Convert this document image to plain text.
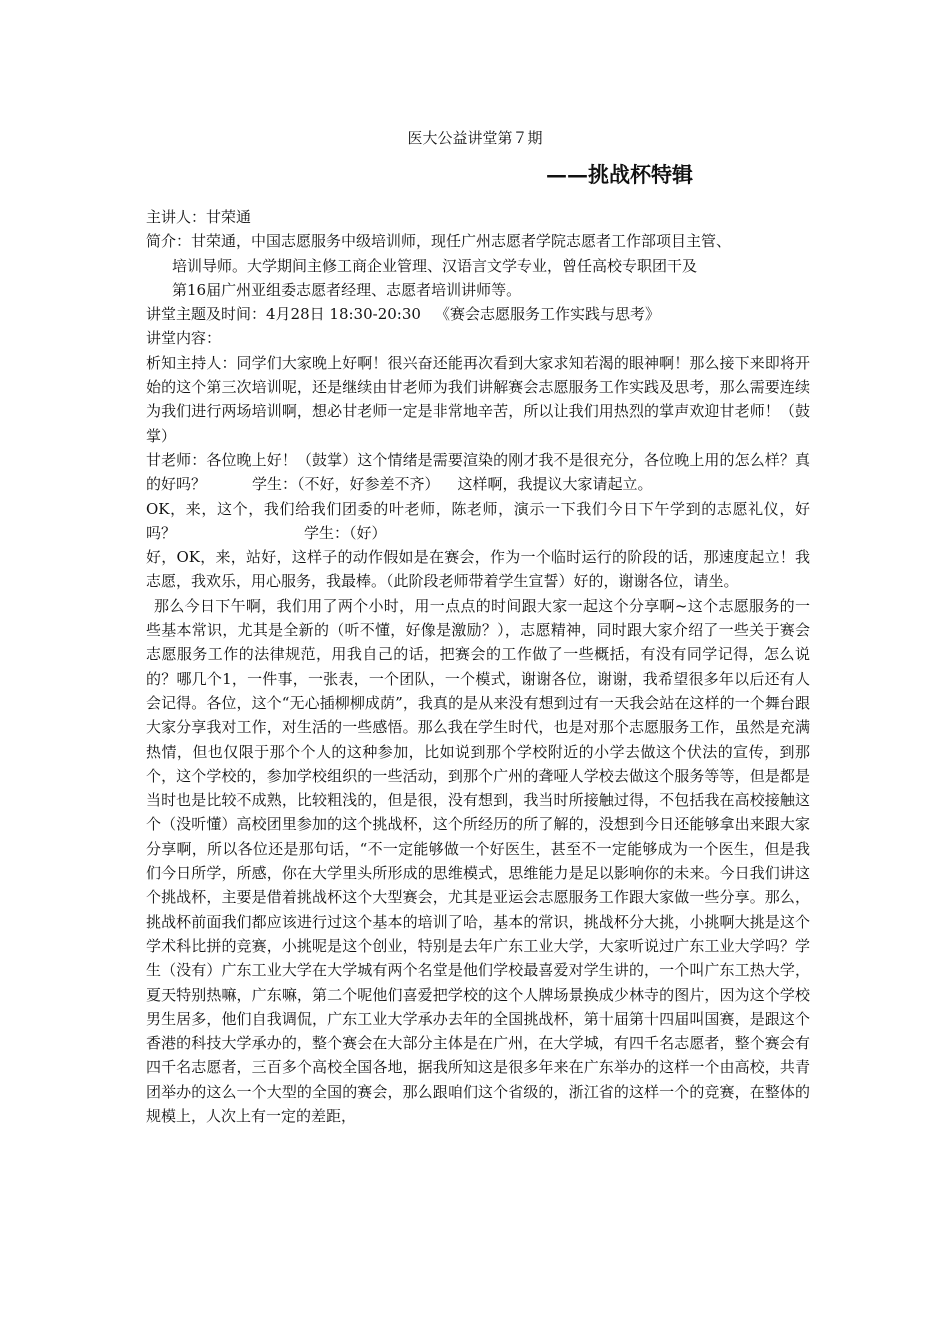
医大公益讲堂第７期
——挑战杯特辑

主讲人：甘荣通

简介：甘荣通，中国志愿服务中级培训师，现任广州志愿者学院志愿者工作部项目主管、

培训导师。大学期间主修工商企业管理、汉语言文学专业，曾任高校专职团干及

第16届广州亚组委志愿者经理、志愿者培训讲师等。

讲堂主题及时间：4月28日 18:30-20:30 《赛会志愿服务工作实践与思考》

讲堂内容：

析知主持人：同学们大家晚上好啊！很兴奋还能再次看到大家求知若渴的眼神啊！那么接下来即将开始的这个第三次培训呢，还是继续由甘老师为我们讲解赛会志愿服务工作实践及思考，那么需要连续为我们进行两场培训啊，想必甘老师一定是非常地辛苦，所以让我们用热烈的掌声欢迎甘老师！（鼓掌）

甘老师：各位晚上好！（鼓掌）这个情绪是需要渲染的刚才我不是很充分，各位晚上用的怎么样？真的好吗？	学生：（不好，好参差不齐） 这样啊，我提议大家请起立。

OK，来，这个，我们给我们团委的叶老师，陈老师，演示一下我们今日下午学到的志愿礼仪，好吗？	学生：（好）

好，OK，来，站好，这样子的动作假如是在赛会，作为一个临时运行的阶段的话，那速度起立！我志愿，我欢乐，用心服务，我最棒。（此阶段老师带着学生宣誓）好的，谢谢各位，请坐。

那么今日下午啊，我们用了两个小时，用一点点的时间跟大家一起这个分享啊~这个志愿服务的一些基本常识，尤其是全新的（听不懂，好像是激励？），志愿精神，同时跟大家介绍了一些关于赛会志愿服务工作的法律规范，用我自己的话，把赛会的工作做了一些概括，有没有同学记得，怎么说的？哪几个1，一件事，一张表，一个团队，一个模式，谢谢各位，谢谢，我希望很多年以后还有人会记得。各位，这个“无心插柳柳成荫”，我真的是从来没有想到过有一天我会站在这样的一个舞台跟大家分享我对工作，对生活的一些感悟。那么我在学生时代，也是对那个志愿服务工作，虽然是充满热情，但也仅限于那个个人的这种参加，比如说到那个学校附近的小学去做这个伏法的宣传，到那个，这个学校的，参加学校组织的一些活动，到那个广州的聋哑人学校去做这个服务等等，但是都是当时也是比较不成熟，比较粗浅的，但是很，没有想到，我当时所接触过得，不包括我在高校接触这个（没听懂）高校团里参加的这个挑战杯，这个所经历的所了解的，没想到今日还能够拿出来跟大家分享啊，所以各位还是那句话，“不一定能够做一个好医生，甚至不一定能够成为一个医生，但是我们今日所学，所感，你在大学里头所形成的思维模式，思维能力是足以影响你的未来。今日我们讲这个挑战杯，主要是借着挑战杯这个大型赛会，尤其是亚运会志愿服务工作跟大家做一些分享。那么，挑战杯前面我们都应该进行过这个基本的培训了哈，基本的常识，挑战杯分大挑，小挑啊大挑是这个学术科比拼的竞赛，小挑呢是这个创业，特别是去年广东工业大学，大家听说过广东工业大学吗？学生（没有）广东工业大学在大学城有两个名堂是他们学校最喜爱对学生讲的，一个叫广东工热大学，夏天特别热嘛，广东嘛，第二个呢他们喜爱把学校的这个人牌场景换成少林寺的图片，因为这个学校男生居多，他们自我调侃，广东工业大学承办去年的全国挑战杯，第十届第十四届叫国赛，是跟这个香港的科技大学承办的，整个赛会在大部分主体是在广州，在大学城，有四千名志愿者，整个赛会有四千名志愿者，三百多个高校全国各地，据我所知这是很多年来在广东举办的这样一个由高校，共青团举办的这么一个大型的全国的赛会，那么跟咱们这个省级的，浙江省的这样一个的竞赛，在整体的规模上，人次上有一定的差距，
